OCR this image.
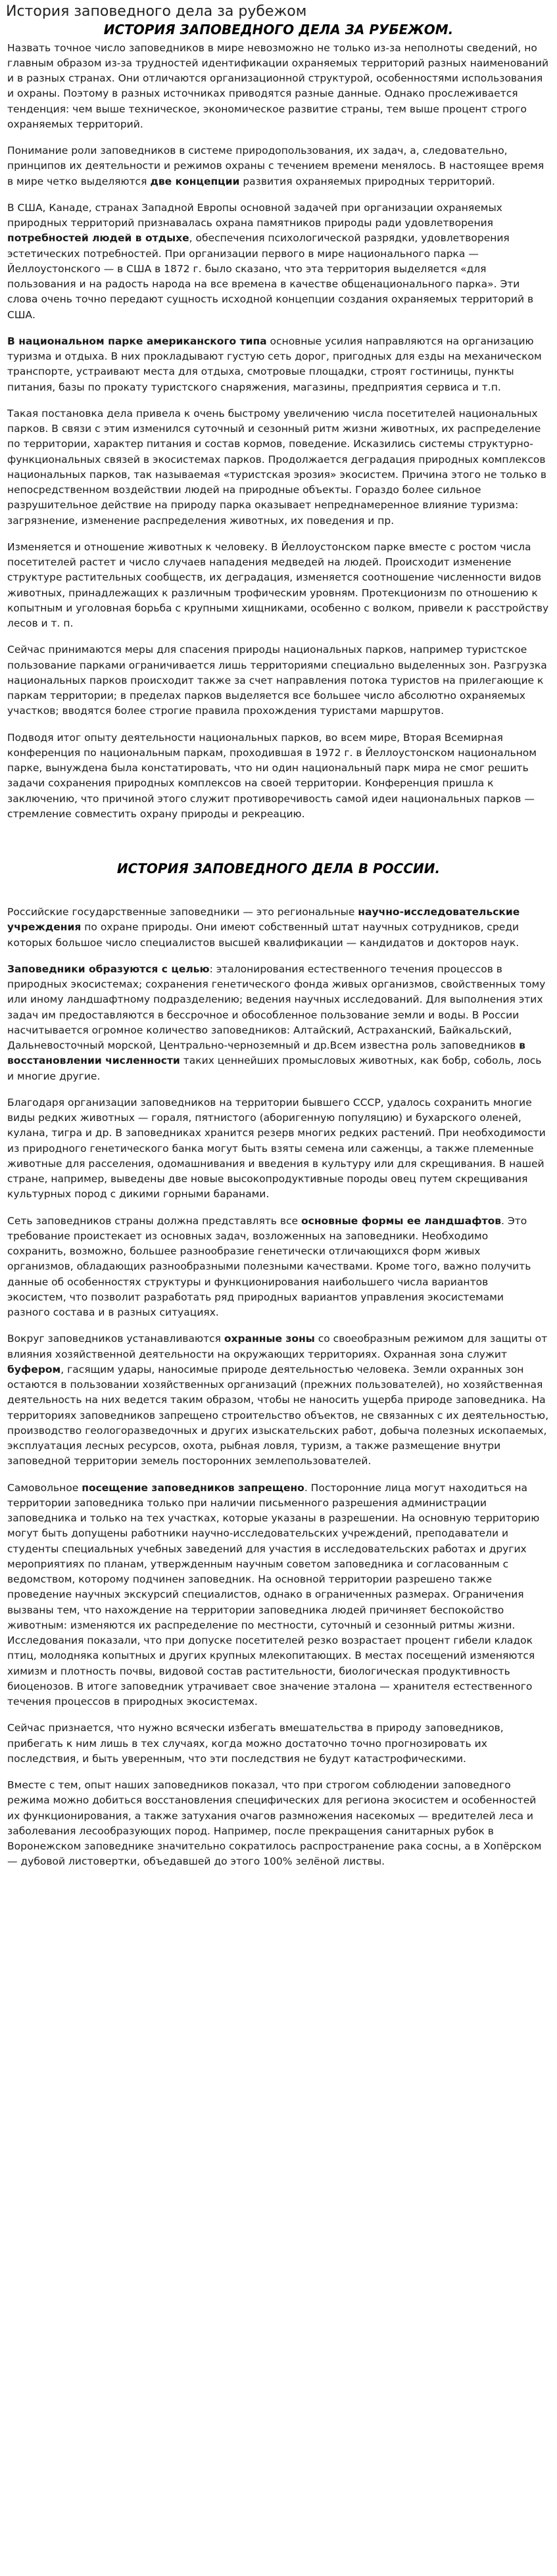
История заповедного дела за рубежом
ИСТОРИЯ ЗАПОВЕДНОГО ДЕЛА ЗА РУБЕЖОМ.

Назвать точное число заповедников в мире невозможно не только из-за неполноты сведений, но главным образом из-за трудностей идентификации охраняемых территорий разных наименований и в разных странах. Они отличаются организационной структурой, особенностями использования и охраны. Поэтому в разных источниках приводятся разные данные. Однако прослеживается тенденция: чем выше техническое, экономическое развитие страны, тем выше процент строго охраняемых территорий.

Понимание роли заповедников в системе природопользования, их задач, а, следовательно, принципов их деятельности и режимов охраны с течением времени менялось. В настоящее время в мире четко выделяются две концепции развития охраняемых природных территорий.

В США, Канаде, странах Западной Европы основной задачей при организации охраняемых природных территорий признавалась охрана памятников природы ради удовлетворения потребностей людей в отдыхе, обеспечения психологической разрядки, удовлетворения эстетических потребностей. При организации первого в мире национального парка — Йеллоустонского — в США в 1872 г. было сказано, что эта территория выделяется «для пользования и на радость народа на все времена в качестве общенационального парка». Эти слова очень точно передают сущность исходной концепции создания охраняемых территорий в США.

В национальном парке американского типа основные усилия направляются на организацию туризма и отдыха. В них прокладывают густую сеть дорог, пригодных для езды на механическом транспорте, устраивают места для отдыха, смотровые площадки, строят гостиницы, пункты питания, базы по прокату туристского снаряжения, магазины, предприятия сервиса и т.п.

Такая постановка дела привела к очень быстрому увеличению числа посетителей национальных парков. В связи с этим изменился суточный и сезонный ритм жизни животных, их распределение по территории, характер питания и состав кормов, поведение. Исказились системы структурно-функциональных связей в экосистемах парков. Продолжается деградация природных комплексов национальных парков, так называемая «туристская эрозия» экосистем. Причина этого не только в непосредственном воздействии людей на природные объекты. Гораздо более сильное разрушительное действие на природу парка оказывает непреднамеренное влияние туризма: загрязнение, изменение распределения животных, их поведения и пр.

Изменяется и отношение животных к человеку. В Йеллоустонском парке вместе с ростом числа посетителей растет и число случаев нападения медведей на людей. Происходит изменение структуре растительных сообществ, их деградация, изменяется соотношение численности видов животных, принадлежащих к различным трофическим уровням. Протекционизм по отношению к копытным и уголовная борьба с крупными хищниками, особенно с волком, привели к расстройству лесов и т. п.

Сейчас принимаются меры для спасения природы национальных парков, например туристское пользование парками ограничивается лишь территориями специально выделенных зон. Разгрузка национальных парков происходит также за счет направления потока туристов на прилегающие к паркам территории; в пределах парков выделяется все большее число абсолютно охраняемых участков; вводятся более строгие правила прохождения туристами маршрутов.

Подводя итог опыту деятельности национальных парков, во всем мире, Вторая Всемирная конференция по национальным паркам, проходившая в 1972 г. в Йеллоустонском национальном парке, вынуждена была констатировать, что ни один национальный парк мира не смог решить задачи сохранения природных комплексов на своей территории. Конференция пришла к заключению, что причиной этого служит противоречивость самой идеи национальных парков — стремление совместить охрану природы и рекреацию.

ИСТОРИЯ ЗАПОВЕДНОГО ДЕЛА В РОССИИ.

Российские государственные заповедники — это региональные научно-исследовательские учреждения по охране природы. Они имеют собственный штат научных сотрудников, среди которых большое число специалистов высшей квалификации — кандидатов и докторов наук.

Заповедники образуются с целью: эталонирования естественного течения процессов в природных экосистемах; сохранения генетического фонда живых организмов, свойственных тому или иному ландшафтному подразделению; ведения научных исследований. Для выполнения этих задач им предоставляются в бессрочное и обособленное пользование земли и воды. В России насчитывается огромное количество заповедников: Алтайский, Астраханский, Байкальский, Дальневосточный морской, Центрально-черноземный и др.Всем известна роль заповедников в восстановлении численности таких ценнейших промысловых животных, как бобр, соболь, лось и многие другие.

Благодаря организации заповедников на территории бывшего СССР, удалось сохранить многие виды редких животных — гораля, пятнистого (аборигенную популяцию) и бухарского оленей, кулана, тигра и др. В заповедниках хранится резерв многих редких растений. При необходимости из природного генетического банка могут быть взяты семена или саженцы, а также племенные животные для расселения, одомашнивания и введения в культуру или для скрещивания. В нашей стране, например, выведены две новые высокопродуктивные породы овец путем скрещивания культурных пород с дикими горными баранами.

Сеть заповедников страны должна представлять все основные формы ее ландшафтов. Это требование проистекает из основных задач, возложенных на заповедники. Необходимо сохранить, возможно, большее разнообразие генетически отличающихся форм живых организмов, обладающих разнообразными полезными качествами. Кроме того, важно получить данные об особенностях структуры и функционирования наибольшего числа вариантов экосистем, что позволит разработать ряд природных вариантов управления экосистемами разного состава и в разных ситуациях.

Вокруг заповедников устанавливаются охранные зоны со своеобразным режимом для защиты от влияния хозяйственной деятельности на окружающих территориях. Охранная зона служит буфером, гасящим удары, наносимые природе деятельностью человека. Земли охранных зон остаются в пользовании хозяйственных организаций (прежних пользователей), но хозяйственная деятельность на них ведется таким образом, чтобы не наносить ущерба природе заповедника. На территориях заповедников запрещено строительство объектов, не связанных с их деятельностью, производство геологоразведочных и других изыскательских работ, добыча полезных ископаемых, эксплуатация лесных ресурсов, охота, рыбная ловля, туризм, а также размещение внутри заповедной территории земель посторонних землепользователей.

Самовольное посещение заповедников запрещено. Посторонние лица могут находиться на территории заповедника только при наличии письменного разрешения администрации заповедника и только на тех участках, которые указаны в разрешении. На основную территорию могут быть допущены работники научно-исследовательских учреждений, преподаватели и студенты специальных учебных заведений для участия в исследовательских работах и других мероприятиях по планам, утвержденным научным советом заповедника и согласованным с ведомством, которому подчинен заповедник. На основной территории разрешено также проведение научных экскурсий специалистов, однако в ограниченных размерах. Ограничения вызваны тем, что нахождение на территории заповедника людей причиняет беспокойство животным: изменяются их распределение по местности, суточный и сезонный ритмы жизни. Исследования показали, что при допуске посетителей резко возрастает процент гибели кладок птиц, молодняка копытных и других крупных млекопитающих. В местах посещений изменяются химизм и плотность почвы, видовой состав растительности, биологическая продуктивность биоценозов. В итоге заповедник утрачивает свое значение эталона — хранителя естественного течения процессов в природных экосистемах.

Сейчас признается, что нужно всячески избегать вмешательства в природу заповедников, прибегать к ним лишь в тех случаях, когда можно достаточно точно прогнозировать их последствия, и быть уверенным, что эти последствия не будут катастрофическими.

Вместе с тем, опыт наших заповедников показал, что при строгом соблюдении заповедного режима можно добиться восстановления специфических для региона экосистем и особенностей их функционирования, а также затухания очагов размножения насекомых — вредителей леса и заболевания лесообразующих пород. Например, после прекращения санитарных рубок в Воронежском заповеднике значительно сократилось распространение рака сосны, а в Хопёрском — дубовой листовертки, объедавшей до этого 100% зелёной листвы.
